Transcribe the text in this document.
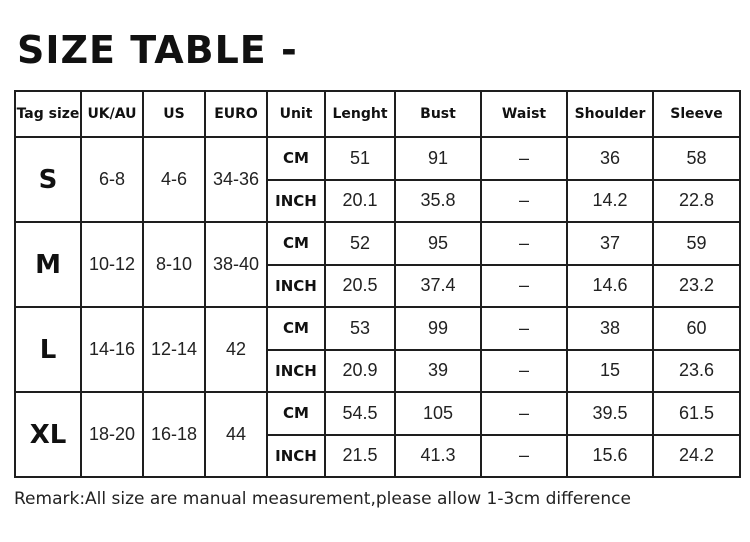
SIZE TABLE -
Tag size	UK/AU	US	EURO	Unit	Lenght	Bust	Waist	Shoulder	Sleeve
S	6-8	4-6	34-36	CM	51	91	–	36	58
				INCH	20.1	35.8	–	14.2	22.8
M	10-12	8-10	38-40	CM	52	95	–	37	59
				INCH	20.5	37.4	–	14.6	23.2
L	14-16	12-14	42	CM	53	99	–	38	60
				INCH	20.9	39	–	15	23.6
XL	18-20	16-18	44	CM	54.5	105	–	39.5	61.5
				INCH	21.5	41.3	–	15.6	24.2
Remark:All size are manual measurement,please allow 1-3cm difference
